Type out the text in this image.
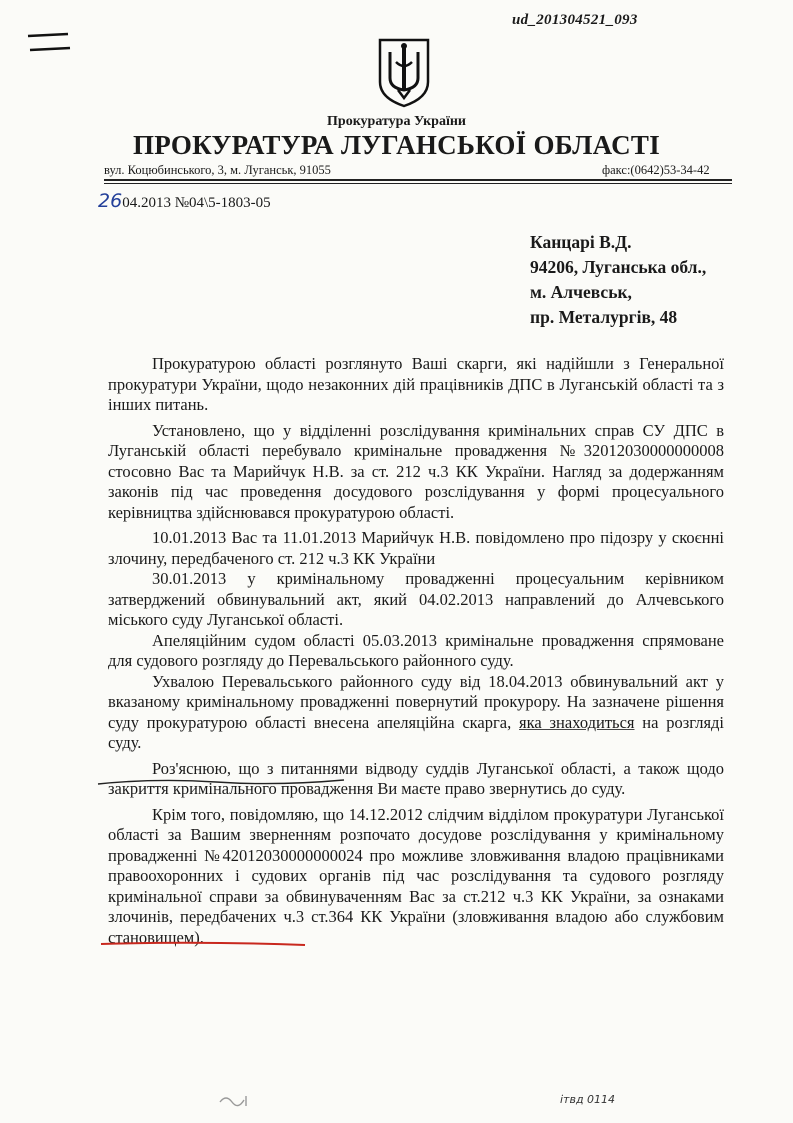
ud_201304521_093
Прокуратура України
ПРОКУРАТУРА ЛУГАНСЬКОЇ ОБЛАСТІ
вул. Коцюбинського, 3, м. Луганськ, 91055	факс:(0642)53-34-42
2604.2013 №04\5-1803-05
Канцарі В.Д.
94206, Луганська обл.,
м. Алчевськ,
пр. Металургів, 48

Прокуратурою області розглянуто Ваші скарги, які надійшли з Генеральної прокуратури України, щодо незаконних дій працівників ДПС в Луганській області та з інших питань.

Установлено, що у відділенні розслідування кримінальних справ СУ ДПС в Луганській області перебувало кримінальне провадження №32012030000000008 стосовно Вас та Марийчук Н.В. за ст. 212 ч.3 КК України. Нагляд за додержанням законів під час проведення досудового розслідування у формі процесуального керівництва здійснювався прокуратурою області.

10.01.2013 Вас та 11.01.2013 Марийчук Н.В. повідомлено про підозру у скоєнні злочину, передбаченого ст. 212 ч.3 КК України

30.01.2013 у кримінальному провадженні процесуальним керівником затверджений обвинувальний акт, який 04.02.2013 направлений до Алчевського міського суду Луганської області.

Апеляційним судом області 05.03.2013 кримінальне провадження спрямоване для судового розгляду до Перевальського районного суду.

Ухвалою Перевальського районного суду від 18.04.2013 обвинувальний акт у вказаному кримінальному провадженні повернутий прокурору. На зазначене рішення суду прокуратурою області внесена апеляційна скарга, яка знаходиться на розгляді суду.

Роз'яснюю, що з питаннями відводу суддів Луганської області, а також щодо закриття кримінального провадження Ви маєте право звернутись до суду.

Крім того, повідомляю, що 14.12.2012 слідчим відділом прокуратури Луганської області за Вашим зверненням розпочато досудове розслідування у кримінальному провадженні №42012030000000024 про можливе зловживання владою працівниками правоохоронних і судових органів під час розслідування та судового розгляду кримінальної справи за обвинуваченням Вас за ст.212 ч.3 КК України, за ознаками злочинів, передбачених ч.3 ст.364 КК України (зловживання владою або службовим становищем).

ітвд 0114
